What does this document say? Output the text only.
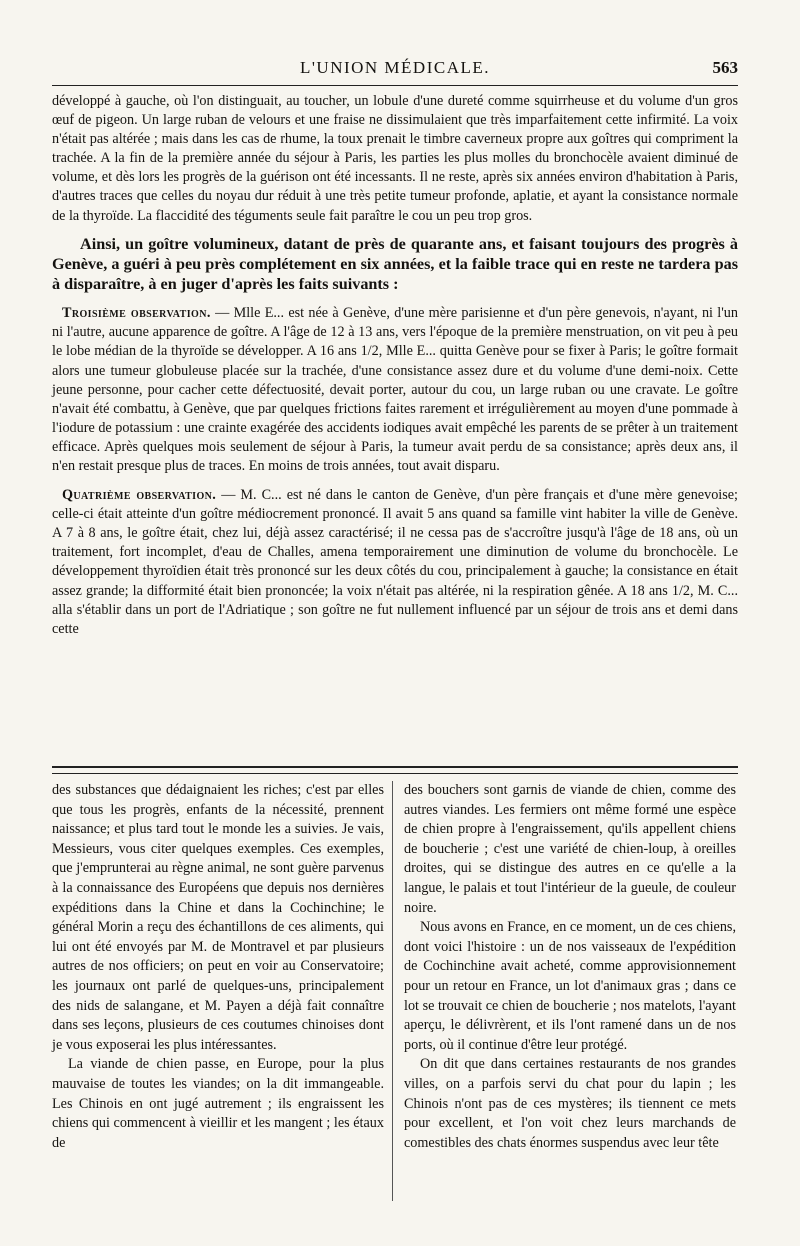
L'UNION MÉDICALE.	563

développé à gauche, où l'on distinguait, au toucher, un lobule d'une dureté comme squirrheuse et du volume d'un gros œuf de pigeon. Un large ruban de velours et une fraise ne dissimulaient que très imparfaitement cette infirmité. La voix n'était pas altérée ; mais dans les cas de rhume, la toux prenait le timbre caverneux propre aux goîtres qui compriment la trachée. A la fin de la première année du séjour à Paris, les parties les plus molles du bronchocèle avaient diminué de volume, et dès lors les progrès de la guérison ont été incessants. Il ne reste, après six années environ d'habitation à Paris, d'autres traces que celles du noyau dur réduit à une très petite tumeur profonde, aplatie, et ayant la consistance normale de la thyroïde. La flaccidité des téguments seule fait paraître le cou un peu trop gros.

Ainsi, un goître volumineux, datant de près de quarante ans, et faisant toujours des progrès à Genève, a guéri à peu près complétement en six années, et la faible trace qui en reste ne tardera pas à disparaître, à en juger d'après les faits suivants :

Troisième observation. — Mlle E... est née à Genève, d'une mère parisienne et d'un père genevois, n'ayant, ni l'un ni l'autre, aucune apparence de goître. A l'âge de 12 à 13 ans, vers l'époque de la première menstruation, on vit peu à peu le lobe médian de la thyroïde se développer. A 16 ans 1/2, Mlle E... quitta Genève pour se fixer à Paris; le goître formait alors une tumeur globuleuse placée sur la trachée, d'une consistance assez dure et du volume d'une demi-noix. Cette jeune personne, pour cacher cette défectuosité, devait porter, autour du cou, un large ruban ou une cravate. Le goître n'avait été combattu, à Genève, que par quelques frictions faites rarement et irrégulièrement au moyen d'une pommade à l'iodure de potassium : une crainte exagérée des accidents iodiques avait empêché les parents de se prêter à un traitement efficace. Après quelques mois seulement de séjour à Paris, la tumeur avait perdu de sa consistance; après deux ans, il n'en restait presque plus de traces. En moins de trois années, tout avait disparu.

Quatrième observation. — M. C... est né dans le canton de Genève, d'un père français et d'une mère genevoise; celle-ci était atteinte d'un goître médiocrement prononcé. Il avait 5 ans quand sa famille vint habiter la ville de Genève. A 7 à 8 ans, le goître était, chez lui, déjà assez caractérisé; il ne cessa pas de s'accroître jusqu'à l'âge de 18 ans, où un traitement, fort incomplet, d'eau de Challes, amena temporairement une diminution de volume du bronchocèle. Le développement thyroïdien était très prononcé sur les deux côtés du cou, principalement à gauche; la consistance en était assez grande; la difformité était bien prononcée; la voix n'était pas altérée, ni la respiration gênée. A 18 ans 1/2, M. C... alla s'établir dans un port de l'Adriatique ; son goître ne fut nullement influencé par un séjour de trois ans et demi dans cette

des substances que dédaignaient les riches; c'est par elles que tous les progrès, enfants de la nécessité, prennent naissance; et plus tard tout le monde les a suivies. Je vais, Messieurs, vous citer quelques exemples. Ces exemples, que j'emprunterai au règne animal, ne sont guère parvenus à la connaissance des Européens que depuis nos dernières expéditions dans la Chine et dans la Cochinchine; le général Morin a reçu des échantillons de ces aliments, qui lui ont été envoyés par M. de Montravel et par plusieurs autres de nos officiers; on peut en voir au Conservatoire; les journaux ont parlé de quelques-uns, principalement des nids de salangane, et M. Payen a déjà fait connaître dans ses leçons, plusieurs de ces coutumes chinoises dont je vous exposerai les plus intéressantes.

La viande de chien passe, en Europe, pour la plus mauvaise de toutes les viandes; on la dit immangeable. Les Chinois en ont jugé autrement ; ils engraissent les chiens qui commencent à vieillir et les mangent ; les étaux de

des bouchers sont garnis de viande de chien, comme des autres viandes. Les fermiers ont même formé une espèce de chien propre à l'engraissement, qu'ils appellent chiens de boucherie ; c'est une variété de chien-loup, à oreilles droites, qui se distingue des autres en ce qu'elle a la langue, le palais et tout l'intérieur de la gueule, de couleur noire.

Nous avons en France, en ce moment, un de ces chiens, dont voici l'histoire : un de nos vaisseaux de l'expédition de Cochinchine avait acheté, comme approvisionnement pour un retour en France, un lot d'animaux gras ; dans ce lot se trouvait ce chien de boucherie ; nos matelots, l'ayant aperçu, le délivrèrent, et ils l'ont ramené dans un de nos ports, où il continue d'être leur protégé.

On dit que dans certaines restaurants de nos grandes villes, on a parfois servi du chat pour du lapin ; les Chinois n'ont pas de ces mystères; ils tiennent ce mets pour excellent, et l'on voit chez leurs marchands de comestibles des chats énormes suspendus avec leur tête
